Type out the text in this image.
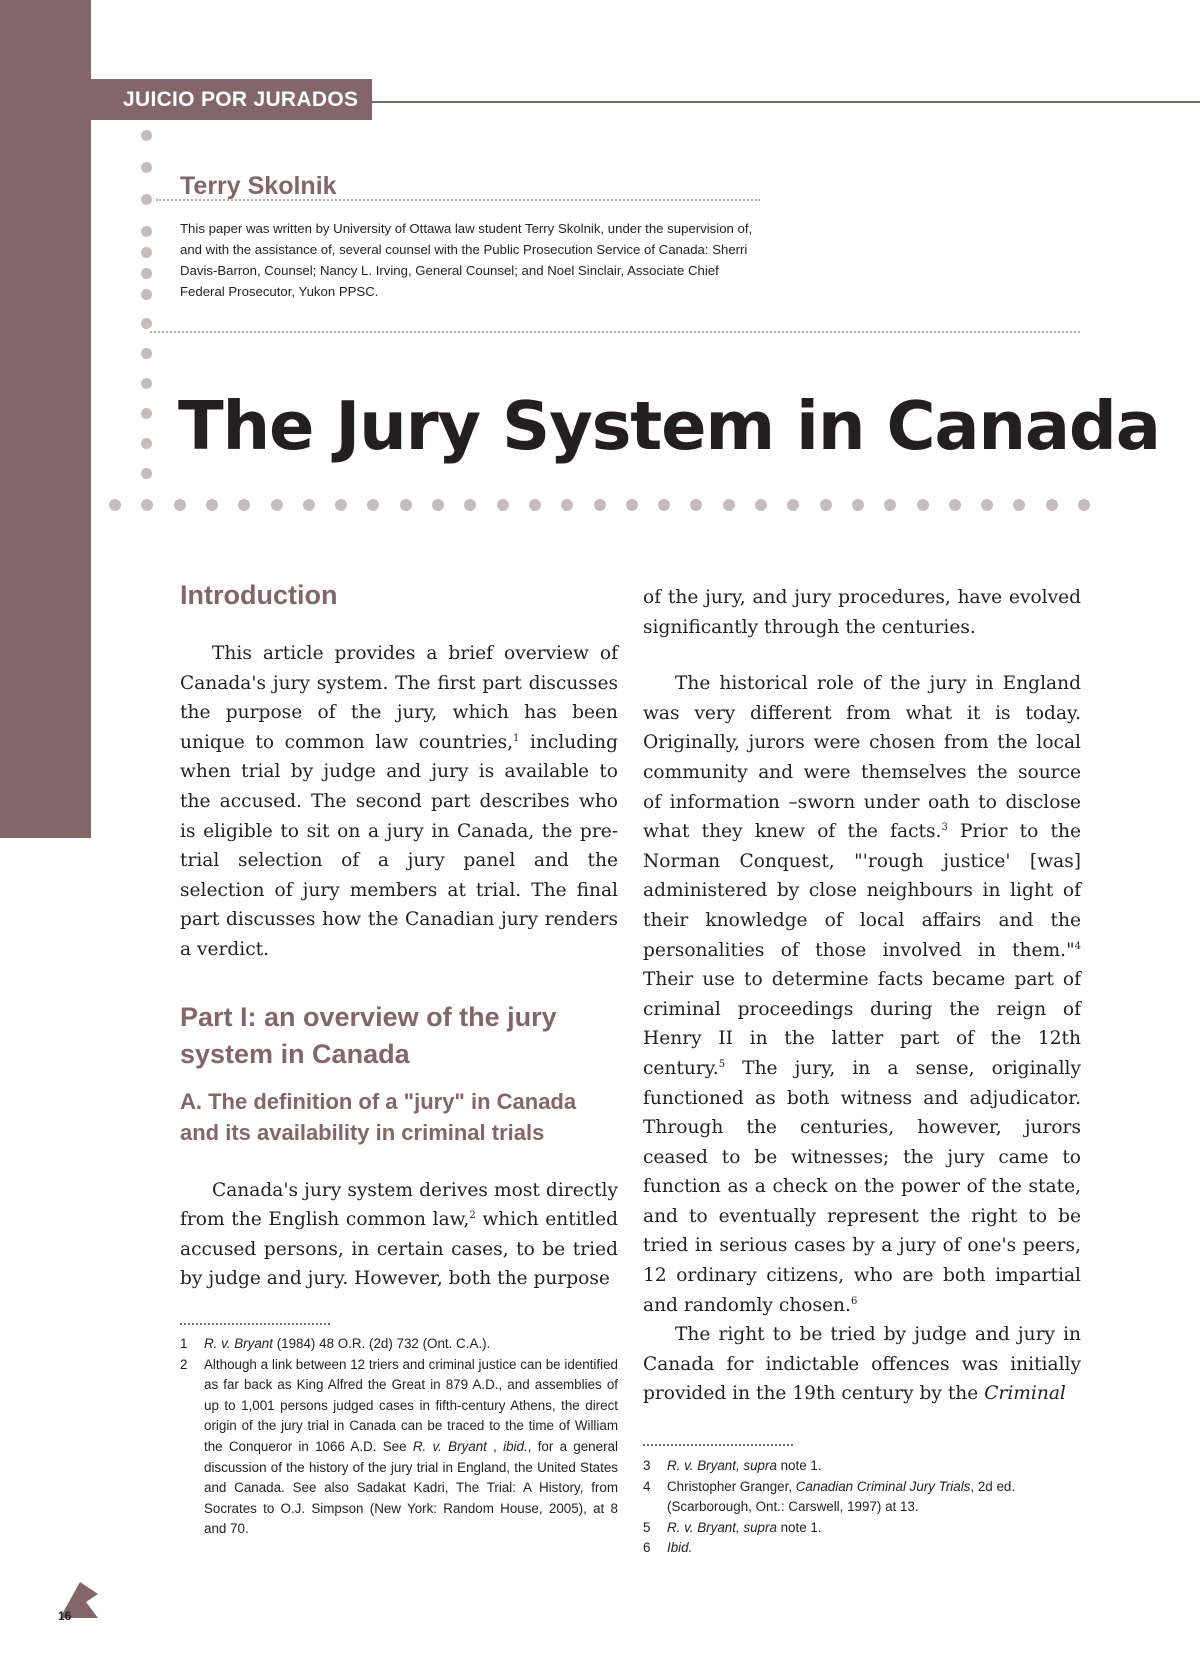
JUICIO POR JURADOS
Terry Skolnik
This paper was written by University of Ottawa law student Terry Skolnik, under the supervision of, and with the assistance of, several counsel with the Public Prosecution Service of Canada: Sherri Davis-Barron, Counsel; Nancy L. Irving, General Counsel; and Noel Sinclair, Associate Chief Federal Prosecutor, Yukon PPSC.
The Jury System in Canada
Introduction

This article provides a brief overview of Canada's jury system. The first part discusses the purpose of the jury, which has been unique to common law countries,$^1$ including when trial by judge and jury is available to the accused. The second part describes who is eligible to sit on a jury in Canada, the pre-trial selection of a jury panel and the selection of jury members at trial. The final part discusses how the Canadian jury renders a verdict.

Part I: an overview of the jury system in Canada
A. The definition of a "jury" in Canada and its availability in criminal trials

Canada's jury system derives most directly from the English common law,$^2$ which entitled accused persons, in certain cases, to be tried by judge and jury. However, both the purpose

of the jury, and jury procedures, have evolved significantly through the centuries.

The historical role of the jury in England was very different from what it is today. Originally, jurors were chosen from the local community and were themselves the source of information –sworn under oath to disclose what they knew of the facts.$^3$ Prior to the Norman Conquest, "'rough justice' [was] administered by close neighbours in light of their knowledge of local affairs and the personalities of those involved in them."$^4$ Their use to determine facts became part of criminal proceedings during the reign of Henry II in the latter part of the 12th century.$^5$ The jury, in a sense, originally functioned as both witness and adjudicator. Through the centuries, however, jurors ceased to be witnesses; the jury came to function as a check on the power of the state, and to eventually represent the right to be tried in serious cases by a jury of one's peers, 12 ordinary citizens, who are both impartial and randomly chosen.$^6$

The right to be tried by judge and jury in Canada for indictable offences was initially provided in the 19th century by the Criminal

1	R. v. Bryant (1984) 48 O.R. (2d) 732 (Ont. C.A.).
2	Although a link between 12 triers and criminal justice can be identified as far back as King Alfred the Great in 879 A.D., and assemblies of up to 1,001 persons judged cases in fifth-century Athens, the direct origin of the jury trial in Canada can be traced to the time of William the Conqueror in 1066 A.D. See R. v. Bryant , ibid., for a general discussion of the history of the jury trial in England, the United States and Canada. See also Sadakat Kadri, The Trial: A History, from Socrates to O.J. Simpson (New York: Random House, 2005), at 8 and 70.
3	R. v. Bryant, supra note 1.
4	Christopher Granger, Canadian Criminal Jury Trials, 2d ed. (Scarborough, Ont.: Carswell, 1997) at 13.
5	R. v. Bryant, supra note 1.
6	Ibid.
16
